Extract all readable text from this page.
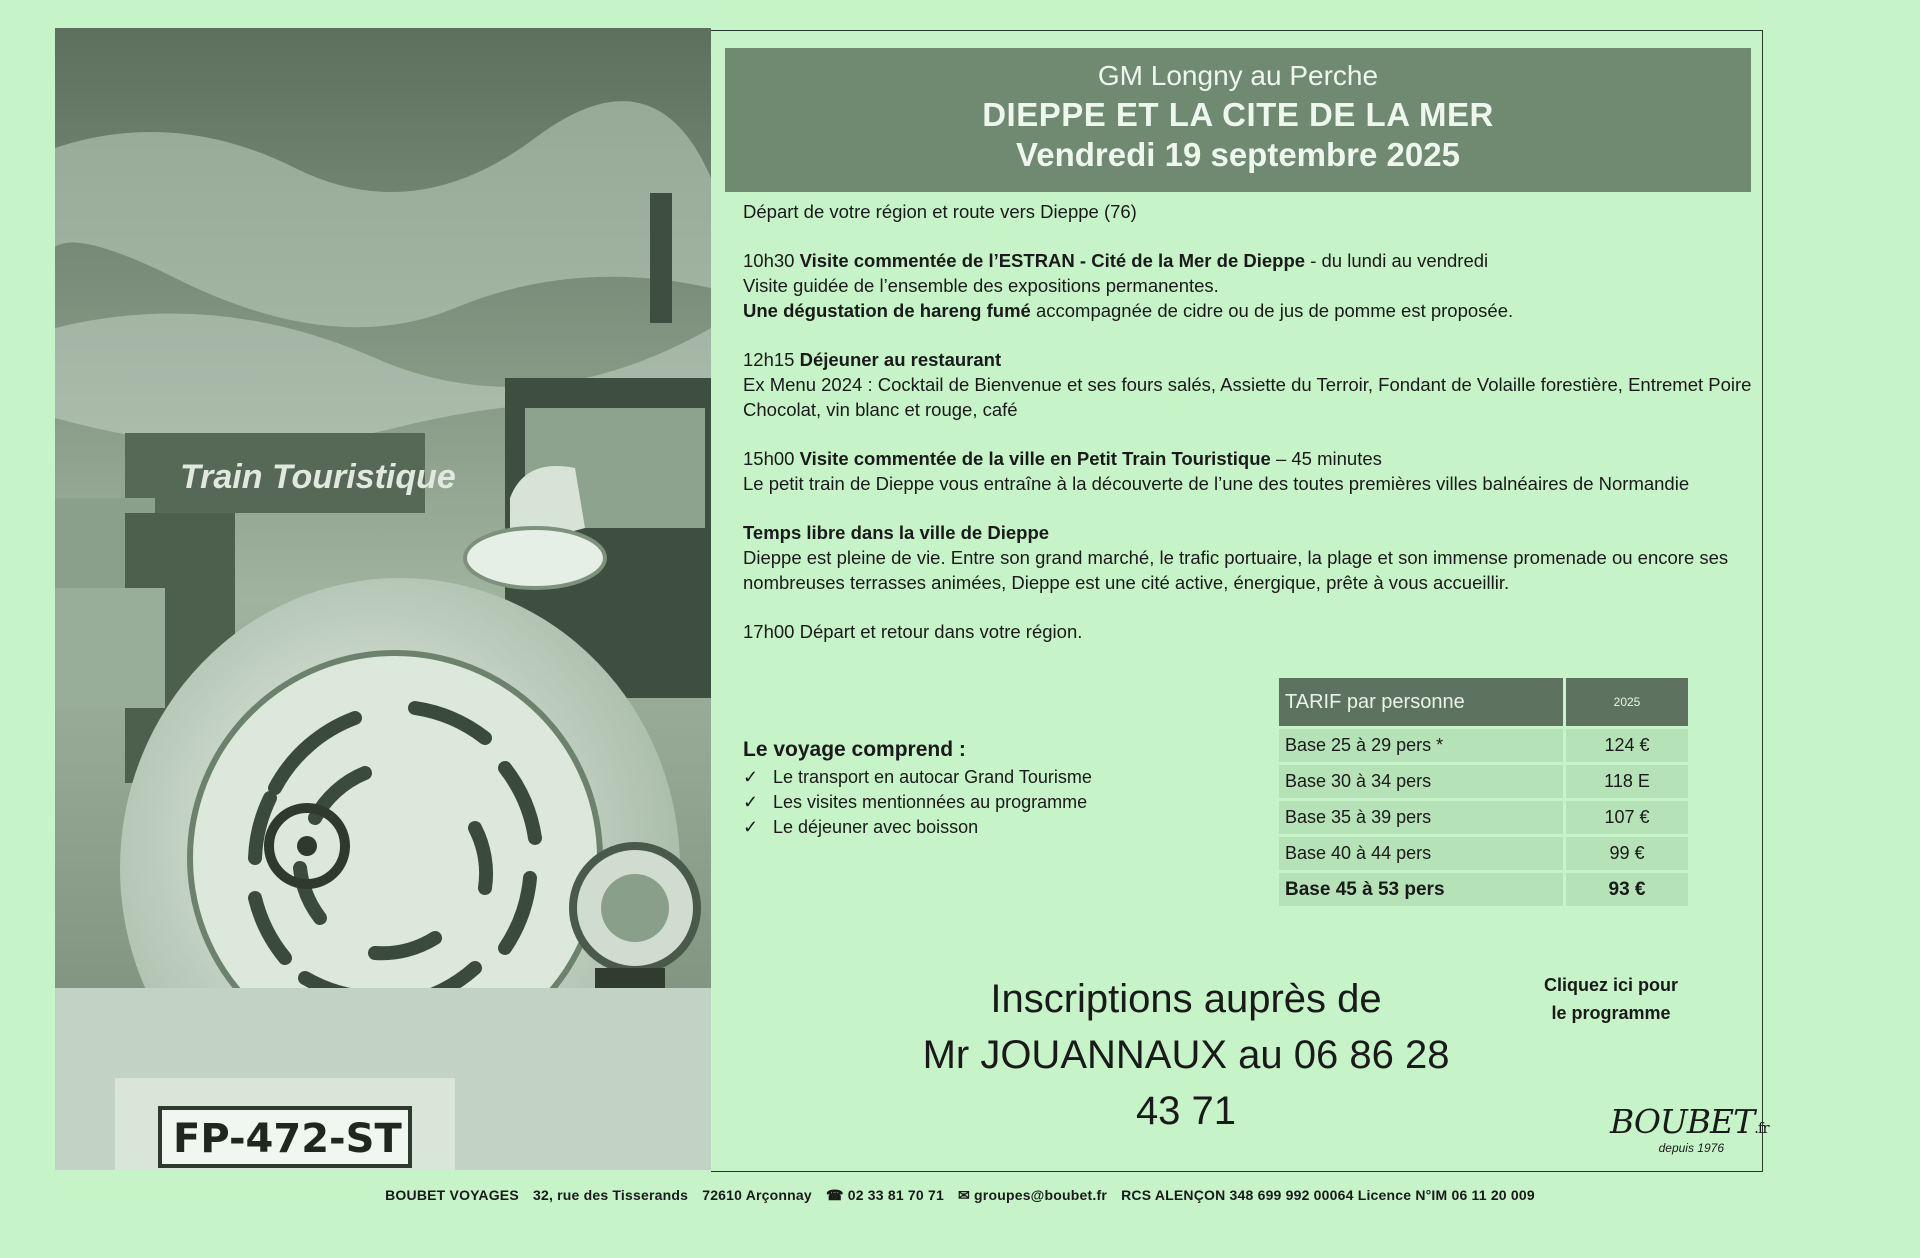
Train Touristique
FP-472-ST
GM Longny au Perche
DIEPPE ET LA CITE DE LA MER
Vendredi 19 septembre 2025

Départ de votre région et route vers Dieppe (76)

10h30 Visite commentée de l’ESTRAN - Cité de la Mer de Dieppe - du lundi au vendredi
Visite guidée de l’ensemble des expositions permanentes.
Une dégustation de hareng fumé accompagnée de cidre ou de jus de pomme est proposée.

12h15 Déjeuner au restaurant
Ex Menu 2024 : Cocktail de Bienvenue et ses fours salés, Assiette du Terroir, Fondant de Volaille forestière, Entremet Poire Chocolat, vin blanc et rouge, café

15h00 Visite commentée de la ville en Petit Train Touristique – 45 minutes
Le petit train de Dieppe vous entraîne à la découverte de l’une des toutes premières villes balnéaires de Normandie

Temps libre dans la ville de Dieppe
Dieppe est pleine de vie. Entre son grand marché, le trafic portuaire, la plage et son immense promenade ou encore ses nombreuses terrasses animées, Dieppe est une cité active, énergique, prête à vous accueillir.

17h00 Départ et retour dans votre région.

Le voyage comprend :
✓ Le transport en autocar Grand Tourisme
✓ Les visites mentionnées au programme
✓ Le déjeuner avec boisson
TARIF par personne	2025
Base 25 à 29 pers *	124 €
Base 30 à 34 pers	118 E
Base 35 à 39 pers	107 €
Base 40 à 44 pers	99 €
Base 45 à 53 pers	93 €
Inscriptions auprès de
Mr JOUANNAUX au 06 86 28 43 71
Cliquez ici pour
le programme
BOUBET.fr
depuis 1976
BOUBET VOYAGES 32, rue des Tisserands 72610 Arçonnay ☎ 02 33 81 70 71 ✉ groupes@boubet.fr RCS ALENÇON 348 699 992 00064 Licence N°IM 06 11 20 009
